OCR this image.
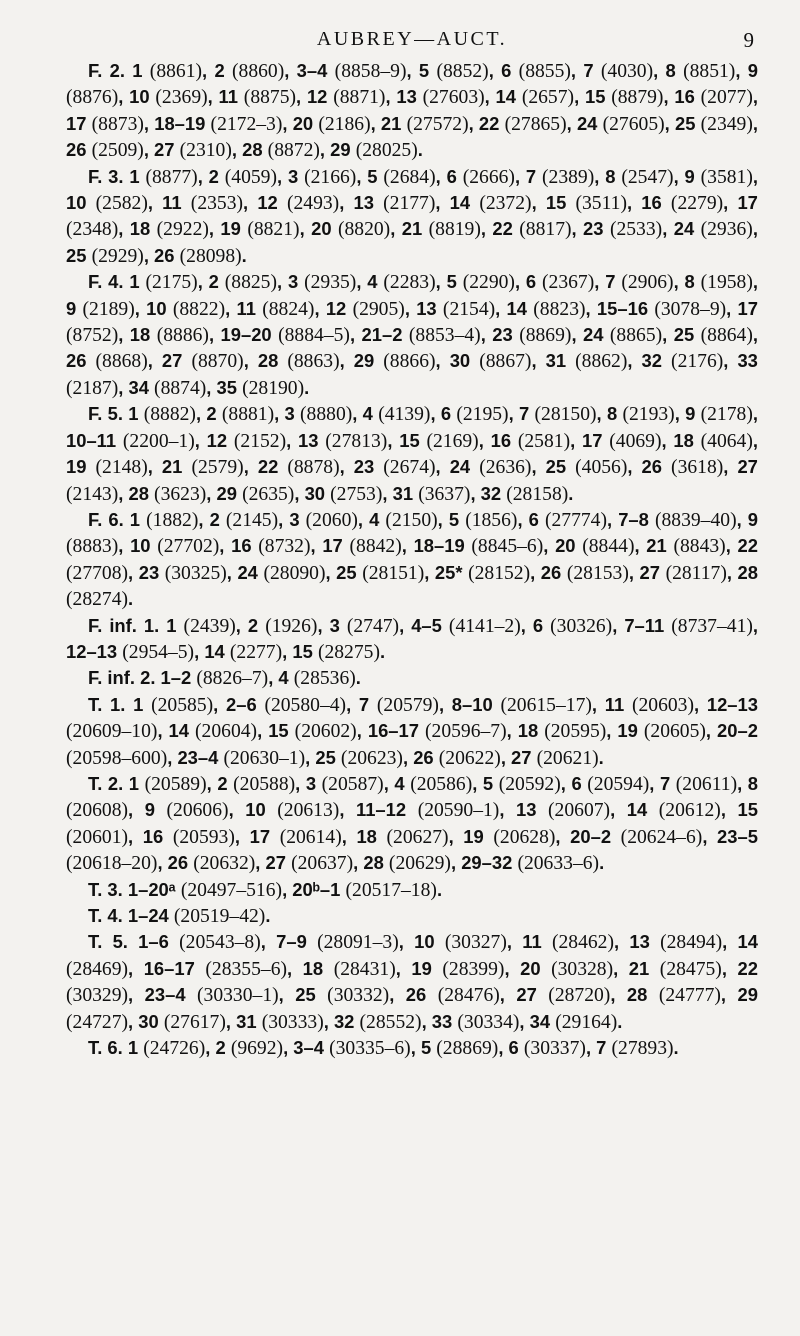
AUBREY—AUCT.	9

F. 2. 1 (8861), 2 (8860), 3–4 (8858–9), 5 (8852), 6 (8855), 7 (4030), 8 (8851), 9 (8876), 10 (2369), 11 (8875), 12 (8871), 13 (27603), 14 (2657), 15 (8879), 16 (2077), 17 (8873), 18–19 (2172–3), 20 (2186), 21 (27572), 22 (27865), 24 (27605), 25 (2349), 26 (2509), 27 (2310), 28 (8872), 29 (28025).

F. 3. 1 (8877), 2 (4059), 3 (2166), 5 (2684), 6 (2666), 7 (2389), 8 (2547), 9 (3581), 10 (2582), 11 (2353), 12 (2493), 13 (2177), 14 (2372), 15 (3511), 16 (2279), 17 (2348), 18 (2922), 19 (8821), 20 (8820), 21 (8819), 22 (8817), 23 (2533), 24 (2936), 25 (2929), 26 (28098).

F. 4. 1 (2175), 2 (8825), 3 (2935), 4 (2283), 5 (2290), 6 (2367), 7 (2906), 8 (1958), 9 (2189), 10 (8822), 11 (8824), 12 (2905), 13 (2154), 14 (8823), 15–16 (3078–9), 17 (8752), 18 (8886), 19–20 (8884–5), 21–2 (8853–4), 23 (8869), 24 (8865), 25 (8864), 26 (8868), 27 (8870), 28 (8863), 29 (8866), 30 (8867), 31 (8862), 32 (2176), 33 (2187), 34 (8874), 35 (28190).

F. 5. 1 (8882), 2 (8881), 3 (8880), 4 (4139), 6 (2195), 7 (28150), 8 (2193), 9 (2178), 10–11 (2200–1), 12 (2152), 13 (27813), 15 (2169), 16 (2581), 17 (4069), 18 (4064), 19 (2148), 21 (2579), 22 (8878), 23 (2674), 24 (2636), 25 (4056), 26 (3618), 27 (2143), 28 (3623), 29 (2635), 30 (2753), 31 (3637), 32 (28158).

F. 6. 1 (1882), 2 (2145), 3 (2060), 4 (2150), 5 (1856), 6 (27774), 7–8 (8839–40), 9 (8883), 10 (27702), 16 (8732), 17 (8842), 18–19 (8845–6), 20 (8844), 21 (8843), 22 (27708), 23 (30325), 24 (28090), 25 (28151), 25* (28152), 26 (28153), 27 (28117), 28 (28274).

F. inf. 1. 1 (2439), 2 (1926), 3 (2747), 4–5 (4141–2), 6 (30326), 7–11 (8737–41), 12–13 (2954–5), 14 (2277), 15 (28275).

F. inf. 2. 1–2 (8826–7), 4 (28536).

T. 1. 1 (20585), 2–6 (20580–4), 7 (20579), 8–10 (20615–17), 11 (20603), 12–13 (20609–10), 14 (20604), 15 (20602), 16–17 (20596–7), 18 (20595), 19 (20605), 20–2 (20598–600), 23–4 (20630–1), 25 (20623), 26 (20622), 27 (20621).

T. 2. 1 (20589), 2 (20588), 3 (20587), 4 (20586), 5 (20592), 6 (20594), 7 (20611), 8 (20608), 9 (20606), 10 (20613), 11–12 (20590–1), 13 (20607), 14 (20612), 15 (20601), 16 (20593), 17 (20614), 18 (20627), 19 (20628), 20–2 (20624–6), 23–5 (20618–20), 26 (20632), 27 (20637), 28 (20629), 29–32 (20633–6).

T. 3. 1–20ᵃ (20497–516), 20ᵇ–1 (20517–18).

T. 4. 1–24 (20519–42).

T. 5. 1–6 (20543–8), 7–9 (28091–3), 10 (30327), 11 (28462), 13 (28494), 14 (28469), 16–17 (28355–6), 18 (28431), 19 (28399), 20 (30328), 21 (28475), 22 (30329), 23–4 (30330–1), 25 (30332), 26 (28476), 27 (28720), 28 (24777), 29 (24727), 30 (27617), 31 (30333), 32 (28552), 33 (30334), 34 (29164).

T. 6. 1 (24726), 2 (9692), 3–4 (30335–6), 5 (28869), 6 (30337), 7 (27893).
